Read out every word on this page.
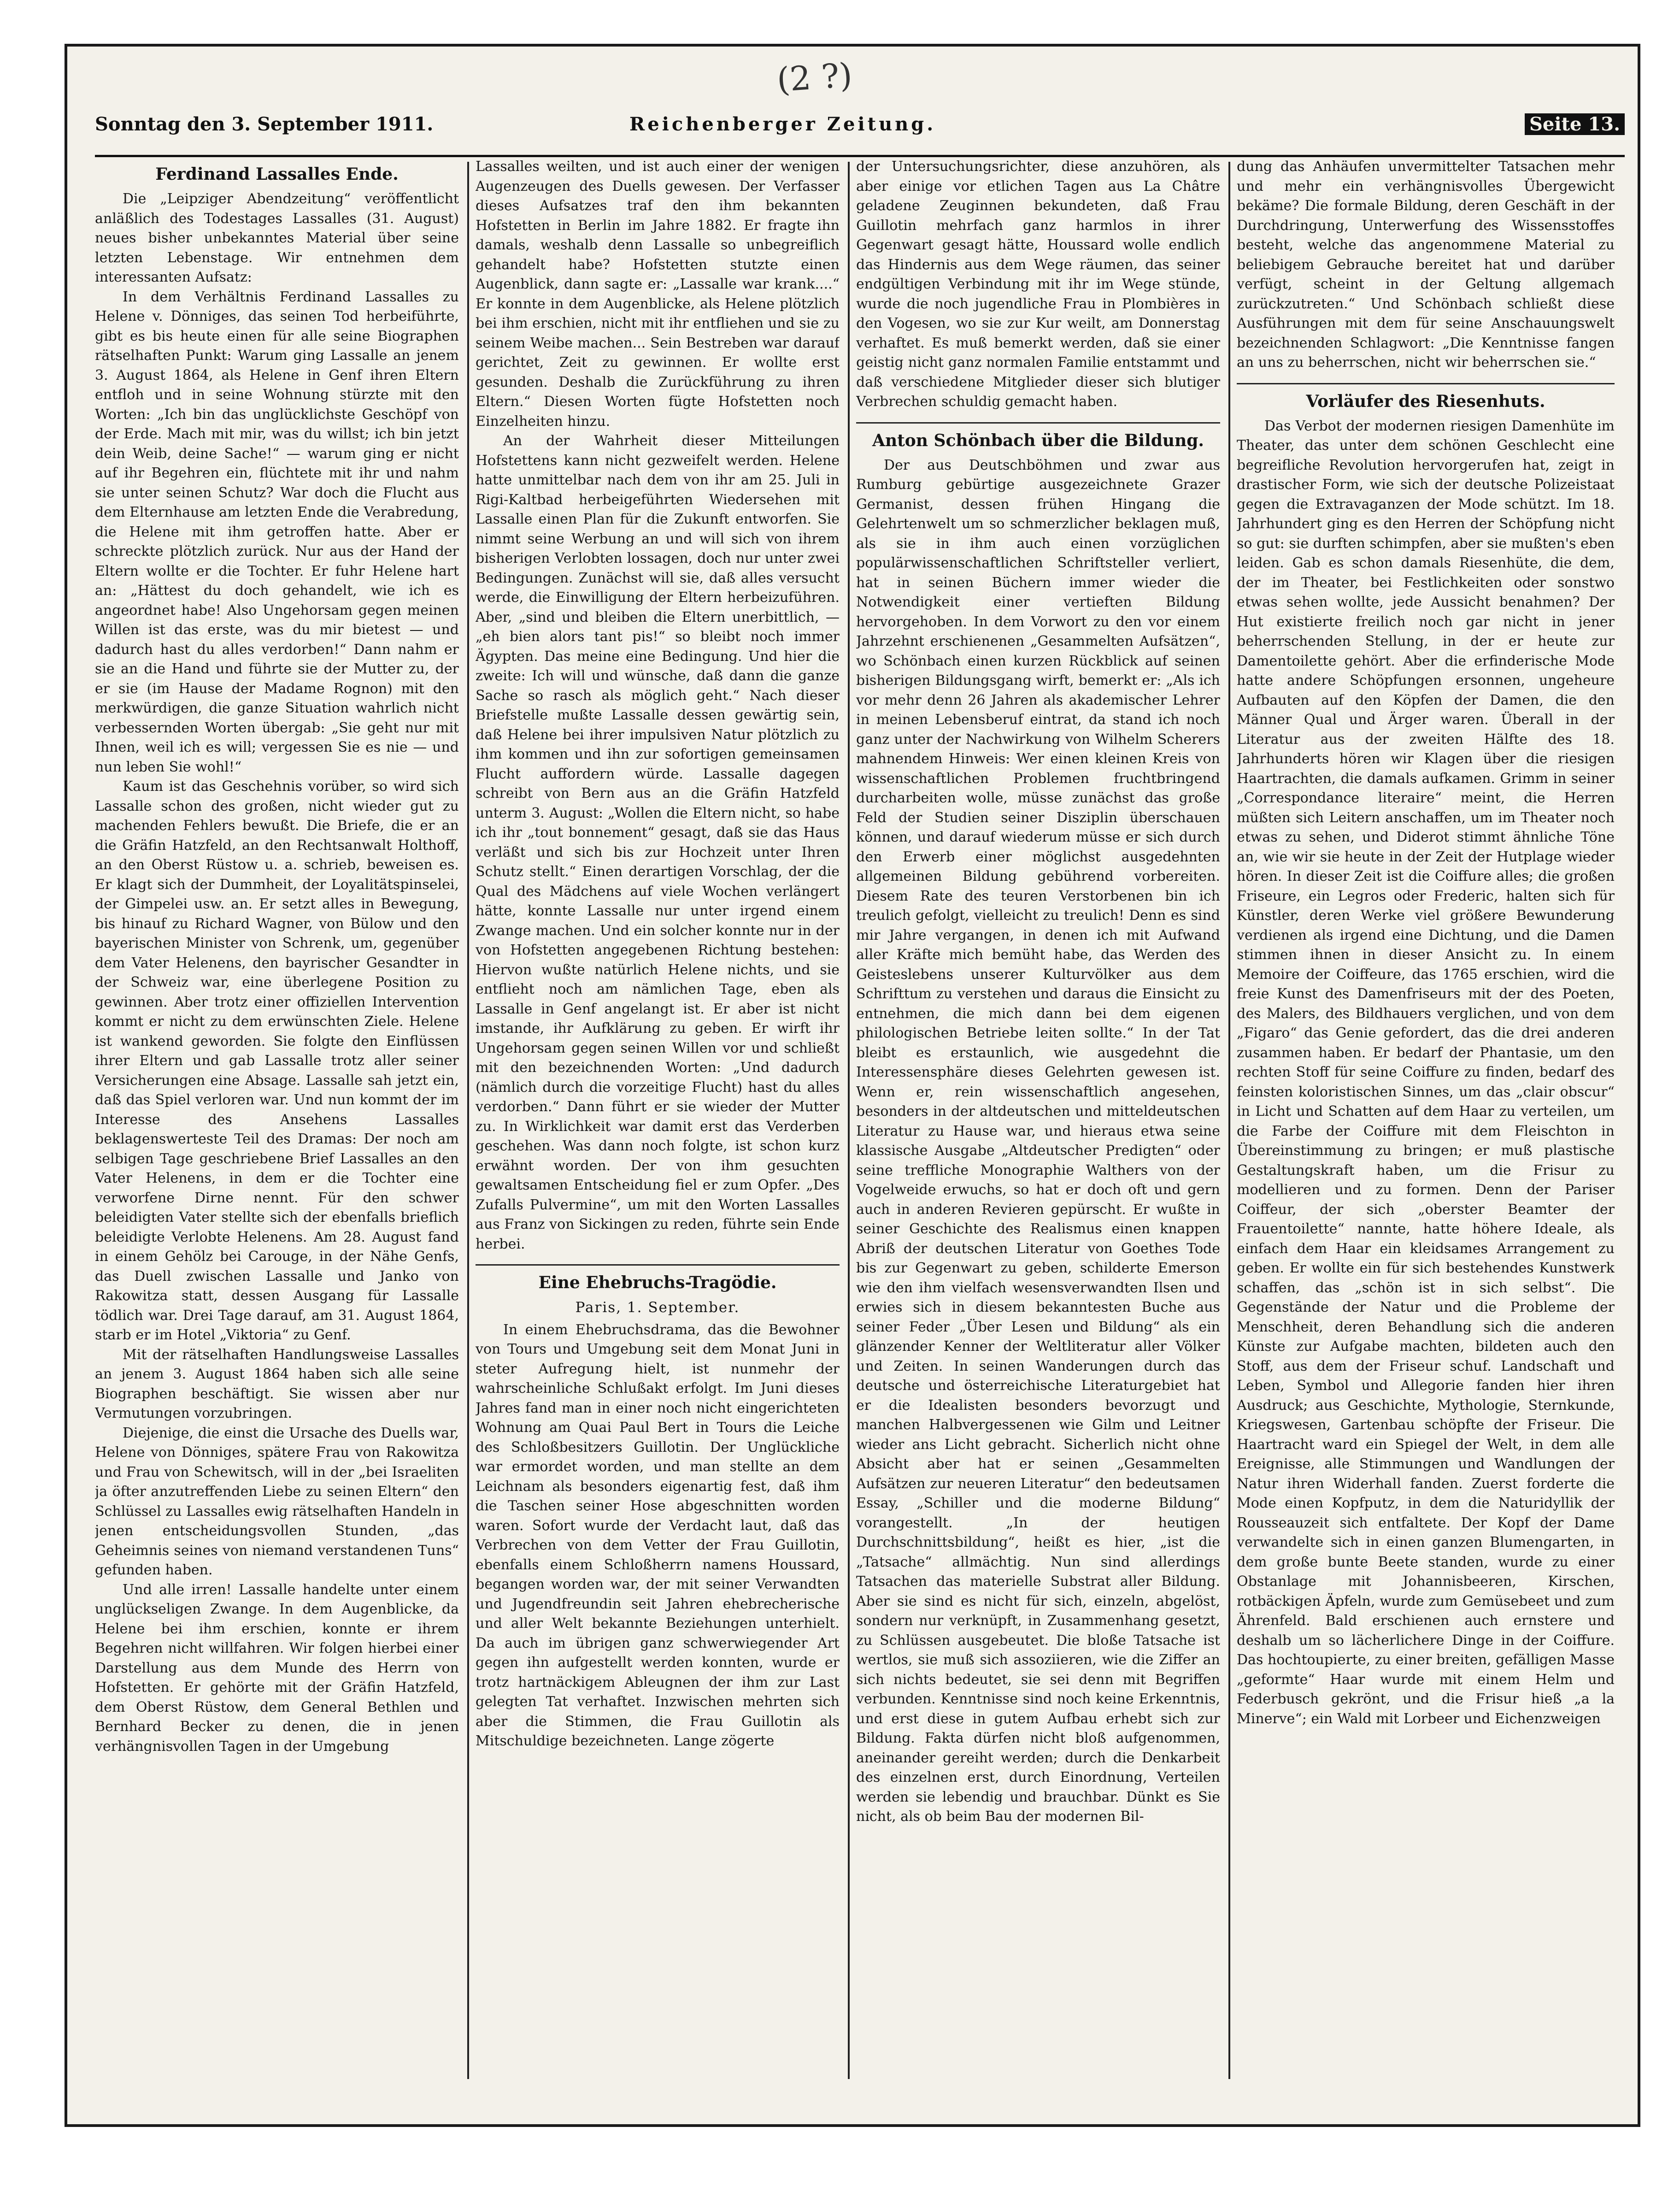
(2 ?)
Sonntag den 3. September 1911.	Reichenberger Zeitung.	Seite 13.
Ferdinand Lassalles Ende.

Die „Leipziger Abendzeitung“ veröffentlicht anläßlich des Todestages Lassalles (31. August) neues bisher unbekanntes Material über seine letzten Lebenstage. Wir entnehmen dem interessanten Aufsatz:

In dem Verhältnis Ferdinand Lassalles zu Helene v. Dönniges, das seinen Tod herbeiführte, gibt es bis heute einen für alle seine Biographen rätselhaften Punkt: Warum ging Lassalle an jenem 3. August 1864, als Helene in Genf ihren Eltern entfloh und in seine Wohnung stürzte mit den Worten: „Ich bin das unglücklichste Geschöpf von der Erde. Mach mit mir, was du willst; ich bin jetzt dein Weib, deine Sache!“ — warum ging er nicht auf ihr Begehren ein, flüchtete mit ihr und nahm sie unter seinen Schutz? War doch die Flucht aus dem Elternhause am letzten Ende die Verabredung, die Helene mit ihm getroffen hatte. Aber er schreckte plötzlich zurück. Nur aus der Hand der Eltern wollte er die Tochter. Er fuhr Helene hart an: „Hättest du doch gehandelt, wie ich es angeordnet habe! Also Ungehorsam gegen meinen Willen ist das erste, was du mir bietest — und dadurch hast du alles verdorben!“ Dann nahm er sie an die Hand und führte sie der Mutter zu, der er sie (im Hause der Madame Rognon) mit den merkwürdigen, die ganze Situation wahrlich nicht verbessernden Worten übergab: „Sie geht nur mit Ihnen, weil ich es will; vergessen Sie es nie — und nun leben Sie wohl!“

Kaum ist das Geschehnis vorüber, so wird sich Lassalle schon des großen, nicht wieder gut zu machenden Fehlers bewußt. Die Briefe, die er an die Gräfin Hatzfeld, an den Rechtsanwalt Holthoff, an den Oberst Rüstow u. a. schrieb, beweisen es. Er klagt sich der Dummheit, der Loyalitätspinselei, der Gimpelei usw. an. Er setzt alles in Bewegung, bis hinauf zu Richard Wagner, von Bülow und den bayerischen Minister von Schrenk, um, gegenüber dem Vater Helenens, den bayrischer Gesandter in der Schweiz war, eine überlegene Position zu gewinnen. Aber trotz einer offiziellen Intervention kommt er nicht zu dem erwünschten Ziele. Helene ist wankend geworden. Sie folgte den Einflüssen ihrer Eltern und gab Lassalle trotz aller seiner Versicherungen eine Absage. Lassalle sah jetzt ein, daß das Spiel verloren war. Und nun kommt der im Interesse des Ansehens Lassalles beklagenswerteste Teil des Dramas: Der noch am selbigen Tage geschriebene Brief Lassalles an den Vater Helenens, in dem er die Tochter eine verworfene Dirne nennt. Für den schwer beleidigten Vater stellte sich der ebenfalls brieflich beleidigte Verlobte Helenens. Am 28. August fand in einem Gehölz bei Carouge, in der Nähe Genfs, das Duell zwischen Lassalle und Janko von Rakowitza statt, dessen Ausgang für Lassalle tödlich war. Drei Tage darauf, am 31. August 1864, starb er im Hotel „Viktoria“ zu Genf.

Mit der rätselhaften Handlungsweise Lassalles an jenem 3. August 1864 haben sich alle seine Biographen beschäftigt. Sie wissen aber nur Vermutungen vorzubringen.

Diejenige, die einst die Ursache des Duells war, Helene von Dönniges, spätere Frau von Rakowitza und Frau von Schewitsch, will in der „bei Israeliten ja öfter anzutreffenden Liebe zu seinen Eltern“ den Schlüssel zu Lassalles ewig rätselhaften Handeln in jenen entscheidungsvollen Stunden, „das Geheimnis seines von niemand verstandenen Tuns“ gefunden haben.

Und alle irren! Lassalle handelte unter einem unglückseligen Zwange. In dem Augenblicke, da Helene bei ihm erschien, konnte er ihrem Begehren nicht willfahren. Wir folgen hierbei einer Darstellung aus dem Munde des Herrn von Hofstetten. Er gehörte mit der Gräfin Hatzfeld, dem Oberst Rüstow, dem General Bethlen und Bernhard Becker zu denen, die in jenen verhängnisvollen Tagen in der Umgebung

Lassalles weilten, und ist auch einer der wenigen Augenzeugen des Duells gewesen. Der Verfasser dieses Aufsatzes traf den ihm bekannten Hofstetten in Berlin im Jahre 1882. Er fragte ihn damals, weshalb denn Lassalle so unbegreiflich gehandelt habe? Hofstetten stutzte einen Augenblick, dann sagte er: „Lassalle war krank....“ Er konnte in dem Augenblicke, als Helene plötzlich bei ihm erschien, nicht mit ihr entfliehen und sie zu seinem Weibe machen... Sein Bestreben war darauf gerichtet, Zeit zu gewinnen. Er wollte erst gesunden. Deshalb die Zurückführung zu ihren Eltern.“ Diesen Worten fügte Hofstetten noch Einzelheiten hinzu.

An der Wahrheit dieser Mitteilungen Hofstettens kann nicht gezweifelt werden. Helene hatte unmittelbar nach dem von ihr am 25. Juli in Rigi-Kaltbad herbeigeführten Wiedersehen mit Lassalle einen Plan für die Zukunft entworfen. Sie nimmt seine Werbung an und will sich von ihrem bisherigen Verlobten lossagen, doch nur unter zwei Bedingungen. Zunächst will sie, daß alles versucht werde, die Einwilligung der Eltern herbeizuführen. Aber, „sind und bleiben die Eltern unerbittlich, — „eh bien alors tant pis!“ so bleibt noch immer Ägypten. Das meine eine Bedingung. Und hier die zweite: Ich will und wünsche, daß dann die ganze Sache so rasch als möglich geht.“ Nach dieser Briefstelle mußte Lassalle dessen gewärtig sein, daß Helene bei ihrer impulsiven Natur plötzlich zu ihm kommen und ihn zur sofortigen gemeinsamen Flucht auffordern würde. Lassalle dagegen schreibt von Bern aus an die Gräfin Hatzfeld unterm 3. August: „Wollen die Eltern nicht, so habe ich ihr „tout bonnement“ gesagt, daß sie das Haus verläßt und sich bis zur Hochzeit unter Ihren Schutz stellt.“ Einen derartigen Vorschlag, der die Qual des Mädchens auf viele Wochen verlängert hätte, konnte Lassalle nur unter irgend einem Zwange machen. Und ein solcher konnte nur in der von Hofstetten angegebenen Richtung bestehen: Hiervon wußte natürlich Helene nichts, und sie entflieht noch am nämlichen Tage, eben als Lassalle in Genf angelangt ist. Er aber ist nicht imstande, ihr Aufklärung zu geben. Er wirft ihr Ungehorsam gegen seinen Willen vor und schließt mit den bezeichnenden Worten: „Und dadurch (nämlich durch die vorzeitige Flucht) hast du alles verdorben.“ Dann führt er sie wieder der Mutter zu. In Wirklichkeit war damit erst das Verderben geschehen. Was dann noch folgte, ist schon kurz erwähnt worden. Der von ihm gesuchten gewaltsamen Entscheidung fiel er zum Opfer. „Des Zufalls Pulvermine“, um mit den Worten Lassalles aus Franz von Sickingen zu reden, führte sein Ende herbei.

Eine Ehebruchs-Tragödie.
Paris, 1. September.

In einem Ehebruchsdrama, das die Bewohner von Tours und Umgebung seit dem Monat Juni in steter Aufregung hielt, ist nunmehr der wahrscheinliche Schlußakt erfolgt. Im Juni dieses Jahres fand man in einer noch nicht eingerichteten Wohnung am Quai Paul Bert in Tours die Leiche des Schloßbesitzers Guillotin. Der Unglückliche war ermordet worden, und man stellte an dem Leichnam als besonders eigenartig fest, daß ihm die Taschen seiner Hose abgeschnitten worden waren. Sofort wurde der Verdacht laut, daß das Verbrechen von dem Vetter der Frau Guillotin, ebenfalls einem Schloßherrn namens Houssard, begangen worden war, der mit seiner Verwandten und Jugendfreundin seit Jahren ehebrecherische und aller Welt bekannte Beziehungen unterhielt. Da auch im übrigen ganz schwerwiegender Art gegen ihn aufgestellt werden konnten, wurde er trotz hartnäckigem Ableugnen der ihm zur Last gelegten Tat verhaftet. Inzwischen mehrten sich aber die Stimmen, die Frau Guillotin als Mitschuldige bezeichneten. Lange zögerte

der Untersuchungsrichter, diese anzuhören, als aber einige vor etlichen Tagen aus La Châtre geladene Zeuginnen bekundeten, daß Frau Guillotin mehrfach ganz harmlos in ihrer Gegenwart gesagt hätte, Houssard wolle endlich das Hindernis aus dem Wege räumen, das seiner endgültigen Verbindung mit ihr im Wege stünde, wurde die noch jugendliche Frau in Plombières in den Vogesen, wo sie zur Kur weilt, am Donnerstag verhaftet. Es muß bemerkt werden, daß sie einer geistig nicht ganz normalen Familie entstammt und daß verschiedene Mitglieder dieser sich blutiger Verbrechen schuldig gemacht haben.

Anton Schönbach über die Bildung.

Der aus Deutschböhmen und zwar aus Rumburg gebürtige ausgezeichnete Grazer Germanist, dessen frühen Hingang die Gelehrtenwelt um so schmerzlicher beklagen muß, als sie in ihm auch einen vorzüglichen populärwissenschaftlichen Schriftsteller verliert, hat in seinen Büchern immer wieder die Notwendigkeit einer vertieften Bildung hervorgehoben. In dem Vorwort zu den vor einem Jahrzehnt erschienenen „Gesammelten Aufsätzen“, wo Schönbach einen kurzen Rückblick auf seinen bisherigen Bildungsgang wirft, bemerkt er: „Als ich vor mehr denn 26 Jahren als akademischer Lehrer in meinen Lebensberuf eintrat, da stand ich noch ganz unter der Nachwirkung von Wilhelm Scherers mahnendem Hinweis: Wer einen kleinen Kreis von wissenschaftlichen Problemen fruchtbringend durcharbeiten wolle, müsse zunächst das große Feld der Studien seiner Disziplin überschauen können, und darauf wiederum müsse er sich durch den Erwerb einer möglichst ausgedehnten allgemeinen Bildung gebührend vorbereiten. Diesem Rate des teuren Verstorbenen bin ich treulich gefolgt, vielleicht zu treulich! Denn es sind mir Jahre vergangen, in denen ich mit Aufwand aller Kräfte mich bemüht habe, das Werden des Geisteslebens unserer Kulturvölker aus dem Schrifttum zu verstehen und daraus die Einsicht zu entnehmen, die mich dann bei dem eigenen philologischen Betriebe leiten sollte.“ In der Tat bleibt es erstaunlich, wie ausgedehnt die Interessensphäre dieses Gelehrten gewesen ist. Wenn er, rein wissenschaftlich angesehen, besonders in der altdeutschen und mitteldeutschen Literatur zu Hause war, und hieraus etwa seine klassische Ausgabe „Altdeutscher Predigten“ oder seine treffliche Monographie Walthers von der Vogelweide erwuchs, so hat er doch oft und gern auch in anderen Revieren gepürscht. Er wußte in seiner Geschichte des Realismus einen knappen Abriß der deutschen Literatur von Goethes Tode bis zur Gegenwart zu geben, schilderte Emerson wie den ihm vielfach wesensverwandten Ilsen und erwies sich in diesem bekanntesten Buche aus seiner Feder „Über Lesen und Bildung“ als ein glänzender Kenner der Weltliteratur aller Völker und Zeiten. In seinen Wanderungen durch das deutsche und österreichische Literaturgebiet hat er die Idealisten besonders bevorzugt und manchen Halbvergessenen wie Gilm und Leitner wieder ans Licht gebracht. Sicherlich nicht ohne Absicht aber hat er seinen „Gesammelten Aufsätzen zur neueren Literatur“ den bedeutsamen Essay, „Schiller und die moderne Bildung“ vorangestellt. „In der heutigen Durchschnittsbildung“, heißt es hier, „ist die „Tatsache“ allmächtig. Nun sind allerdings Tatsachen das materielle Substrat aller Bildung. Aber sie sind es nicht für sich, einzeln, abgelöst, sondern nur verknüpft, in Zusammenhang gesetzt, zu Schlüssen ausgebeutet. Die bloße Tatsache ist wertlos, sie muß sich assoziieren, wie die Ziffer an sich nichts bedeutet, sie sei denn mit Begriffen verbunden. Kenntnisse sind noch keine Erkenntnis, und erst diese in gutem Aufbau erhebt sich zur Bildung. Fakta dürfen nicht bloß aufgenommen, aneinander gereiht werden; durch die Denkarbeit des einzelnen erst, durch Einordnung, Verteilen werden sie lebendig und brauchbar. Dünkt es Sie nicht, als ob beim Bau der modernen Bil-

dung das Anhäufen unvermittelter Tatsachen mehr und mehr ein verhängnisvolles Übergewicht bekäme? Die formale Bildung, deren Geschäft in der Durchdringung, Unterwerfung des Wissensstoffes besteht, welche das angenommene Material zu beliebigem Gebrauche bereitet hat und darüber verfügt, scheint in der Geltung allgemach zurückzutreten.“ Und Schönbach schließt diese Ausführungen mit dem für seine Anschauungswelt bezeichnenden Schlagwort: „Die Kenntnisse fangen an uns zu beherrschen, nicht wir beherrschen sie.“

Vorläufer des Riesenhuts.

Das Verbot der modernen riesigen Damenhüte im Theater, das unter dem schönen Geschlecht eine begreifliche Revolution hervorgerufen hat, zeigt in drastischer Form, wie sich der deutsche Polizeistaat gegen die Extravaganzen der Mode schützt. Im 18. Jahrhundert ging es den Herren der Schöpfung nicht so gut: sie durften schimpfen, aber sie mußten's eben leiden. Gab es schon damals Riesenhüte, die dem, der im Theater, bei Festlichkeiten oder sonstwo etwas sehen wollte, jede Aussicht benahmen? Der Hut existierte freilich noch gar nicht in jener beherrschenden Stellung, in der er heute zur Damentoilette gehört. Aber die erfinderische Mode hatte andere Schöpfungen ersonnen, ungeheure Aufbauten auf den Köpfen der Damen, die den Männer Qual und Ärger waren. Überall in der Literatur aus der zweiten Hälfte des 18. Jahrhunderts hören wir Klagen über die riesigen Haartrachten, die damals aufkamen. Grimm in seiner „Correspondance literaire“ meint, die Herren müßten sich Leitern anschaffen, um im Theater noch etwas zu sehen, und Diderot stimmt ähnliche Töne an, wie wir sie heute in der Zeit der Hutplage wieder hören. In dieser Zeit ist die Coiffure alles; die großen Friseure, ein Legros oder Frederic, halten sich für Künstler, deren Werke viel größere Bewunderung verdienen als irgend eine Dichtung, und die Damen stimmen ihnen in dieser Ansicht zu. In einem Memoire der Coiffeure, das 1765 erschien, wird die freie Kunst des Damenfriseurs mit der des Poeten, des Malers, des Bildhauers verglichen, und von dem „Figaro“ das Genie gefordert, das die drei anderen zusammen haben. Er bedarf der Phantasie, um den rechten Stoff für seine Coiffure zu finden, bedarf des feinsten koloristischen Sinnes, um das „clair obscur“ in Licht und Schatten auf dem Haar zu verteilen, um die Farbe der Coiffure mit dem Fleischton in Übereinstimmung zu bringen; er muß plastische Gestaltungskraft haben, um die Frisur zu modellieren und zu formen. Denn der Pariser Coiffeur, der sich „oberster Beamter der Frauentoilette“ nannte, hatte höhere Ideale, als einfach dem Haar ein kleidsames Arrangement zu geben. Er wollte ein für sich bestehendes Kunstwerk schaffen, das „schön ist in sich selbst“. Die Gegenstände der Natur und die Probleme der Menschheit, deren Behandlung sich die anderen Künste zur Aufgabe machten, bildeten auch den Stoff, aus dem der Friseur schuf. Landschaft und Leben, Symbol und Allegorie fanden hier ihren Ausdruck; aus Geschichte, Mythologie, Sternkunde, Kriegswesen, Gartenbau schöpfte der Friseur. Die Haartracht ward ein Spiegel der Welt, in dem alle Ereignisse, alle Stimmungen und Wandlungen der Natur ihren Widerhall fanden. Zuerst forderte die Mode einen Kopfputz, in dem die Naturidyllik der Rousseauzeit sich entfaltete. Der Kopf der Dame verwandelte sich in einen ganzen Blumengarten, in dem große bunte Beete standen, wurde zu einer Obstanlage mit Johannisbeeren, Kirschen, rotbäckigen Äpfeln, wurde zum Gemüsebeet und zum Ährenfeld. Bald erschienen auch ernstere und deshalb um so lächerlichere Dinge in der Coiffure. Das hochtoupierte, zu einer breiten, gefälligen Masse „geformte“ Haar wurde mit einem Helm und Federbusch gekrönt, und die Frisur hieß „a la Minerve“; ein Wald mit Lorbeer und Eichenzweigen
